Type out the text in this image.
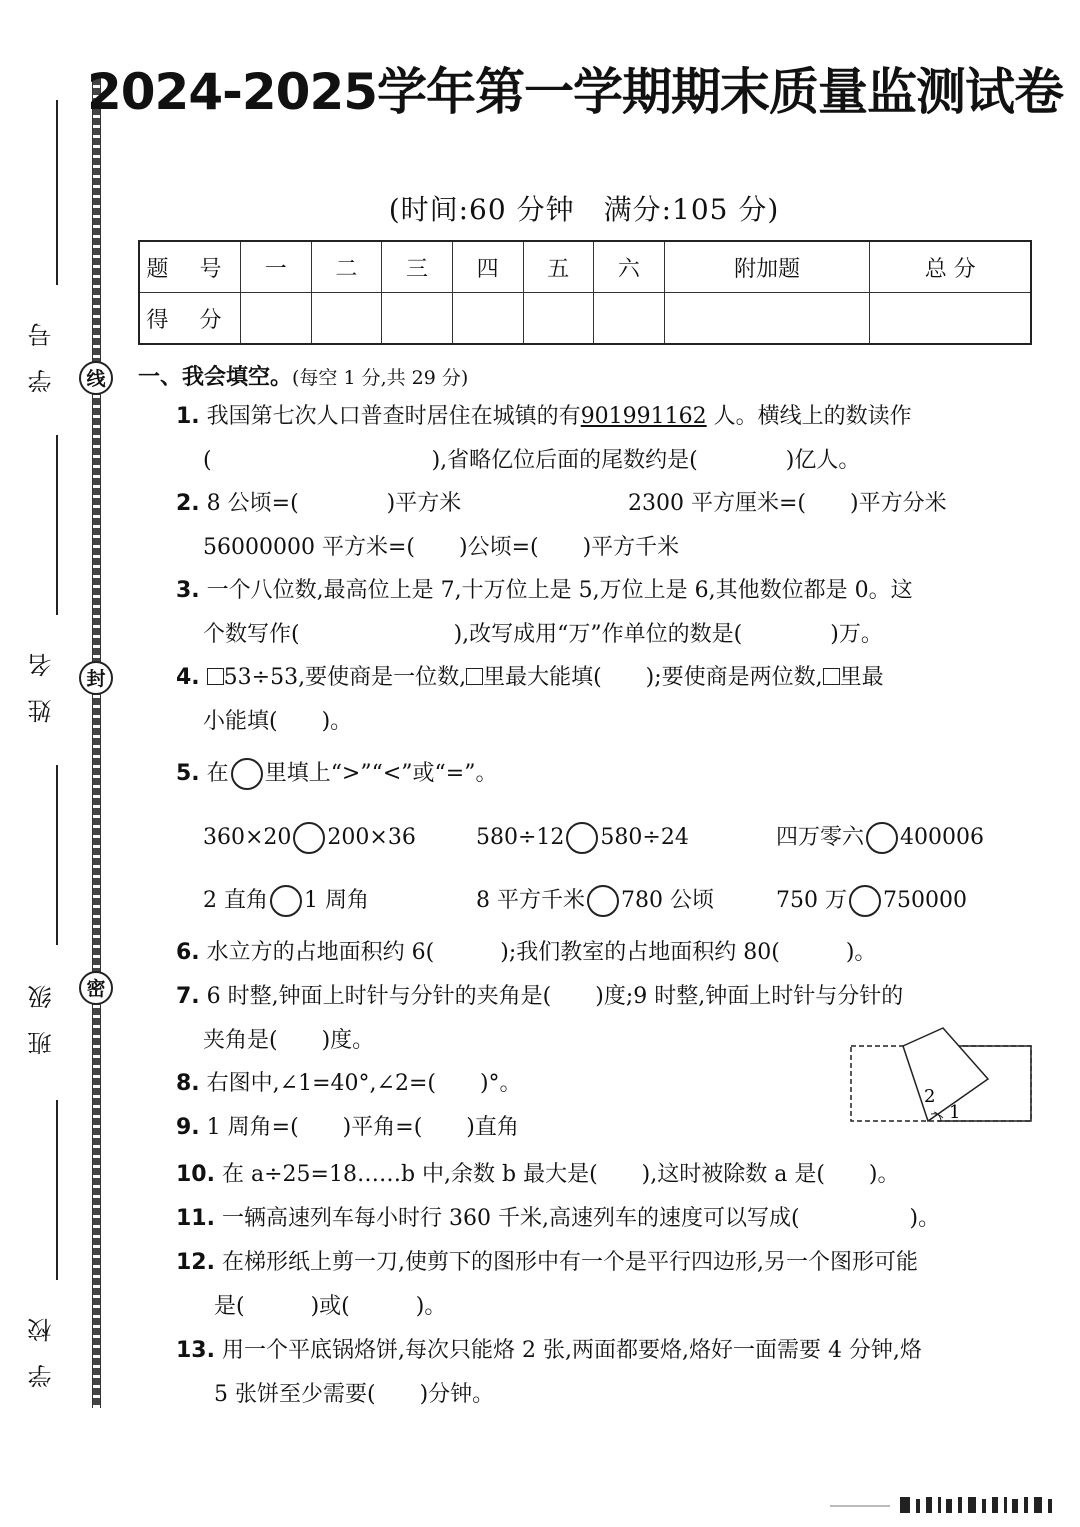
线
封
密
学号
姓名
班级
学校
2024-2025学年第一学期期末质量监测试卷
(时间:60 分钟　满分:105 分)
题 号	一	二	三	四	五	六	附加题	总 分
得 分								
一、我会填空。(每空 1 分,共 29 分)
1. 我国第七次人口普查时居住在城镇的有901991162 人。横线上的数读作
(　　　　　　　　　　),省略亿位后面的尾数约是(　　　　)亿人。
2. 8 公顷=(　　　　)平方米	2300 平方厘米=(　　)平方分米
56000000 平方米=(　　)公顷=(　　)平方千米
3. 一个八位数,最高位上是 7,十万位上是 5,万位上是 6,其他数位都是 0。这
个数写作(　　　　　　　),改写成用“万”作单位的数是(　　　　)万。
4. 53÷53,要使商是一位数, 里最大能填(　　);要使商是两位数, 里最
小能填(　　)。
5. 在 里填上“>”“<”或“=”。
360×20 200×36	580÷12 580÷24	四万零六 400006
2 直角 1 周角	8 平方千米 780 公顷	750 万 750000
6. 水立方的占地面积约 6(　　　);我们教室的占地面积约 80(　　　)。
7. 6 时整,钟面上时针与分针的夹角是(　　)度;9 时整,钟面上时针与分针的
夹角是(　　)度。
8. 右图中,∠1=40°,∠2=(　　)°。
2
1
9. 1 周角=(　　)平角=(　　)直角
10. 在 a÷25=18……b 中,余数 b 最大是(　　),这时被除数 a 是(　　)。
11. 一辆高速列车每小时行 360 千米,高速列车的速度可以写成(　　　　　)。
12. 在梯形纸上剪一刀,使剪下的图形中有一个是平行四边形,另一个图形可能
是(　　　)或(　　　)。
13. 用一个平底锅烙饼,每次只能烙 2 张,两面都要烙,烙好一面需要 4 分钟,烙
5 张饼至少需要(　　)分钟。
